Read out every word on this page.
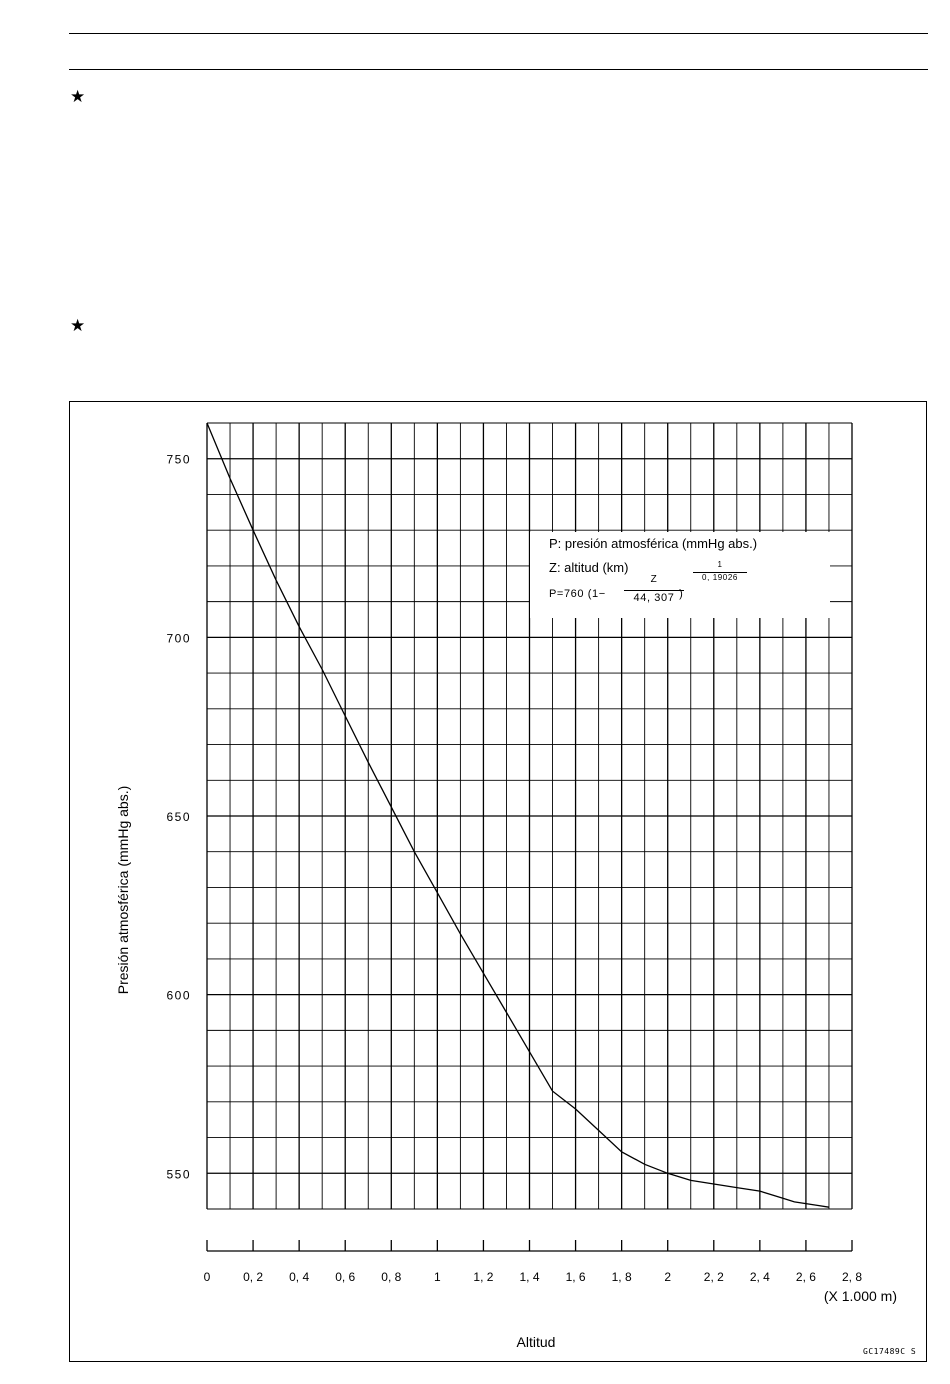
★
★
550
600
650
700
750
0	0, 2 0, 4 0, 6 0, 8	1	1, 2 1, 4 1, 6 1, 8	2	2, 2 2, 4 2, 6 2, 8
Presión atmosférica (mmHg abs.)
(X 1.000 m)
Altitud
P: presión atmosférica (mmHg abs.)
Z: altitud (km)
P=760 (1−	)
Z
44, 307
1
0, 19026
GC17489C S
